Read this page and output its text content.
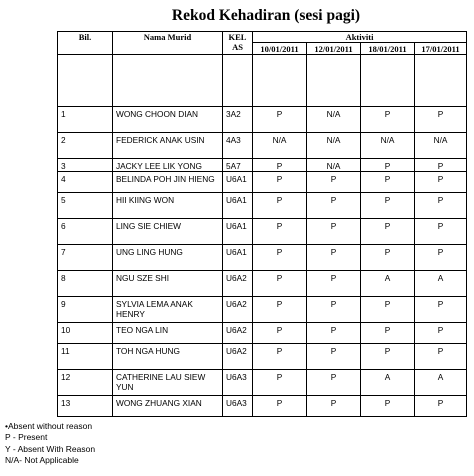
Rekod Kehadiran (sesi pagi)
Bil.	Nama Murid	KEL AS	Aktiviti			
			10/01/2011	12/01/2011	18/01/2011	17/01/2011

1	WONG CHOON DIAN	3A2	P	N/A	P	P
2	FEDERICK ANAK USIN	4A3	N/A	N/A	N/A	N/A
3	JACKY LEE LIK YONG	5A7	P	N/A	P	P
4	BELINDA POH JIN HIENG	U6A1	P	P	P	P
5	HII KIING WON	U6A1	P	P	P	P
6	LING SIE CHIEW	U6A1	P	P	P	P
7	UNG LING HUNG	U6A1	P	P	P	P
8	NGU SZE SHI	U6A2	P	P	A	A
9	SYLVIA LEMA ANAK HENRY	U6A2	P	P	P	P
10	TEO NGA LIN	U6A2	P	P	P	P
11	TOH NGA HUNG	U6A2	P	P	P	P
12	CATHERINE LAU SIEW YUN	U6A3	P	P	A	A
13	WONG ZHUANG XIAN	U6A3	P	P	P	P
•Absent without reason
P - Present
Y - Absent With Reason
N/A- Not Applicable
